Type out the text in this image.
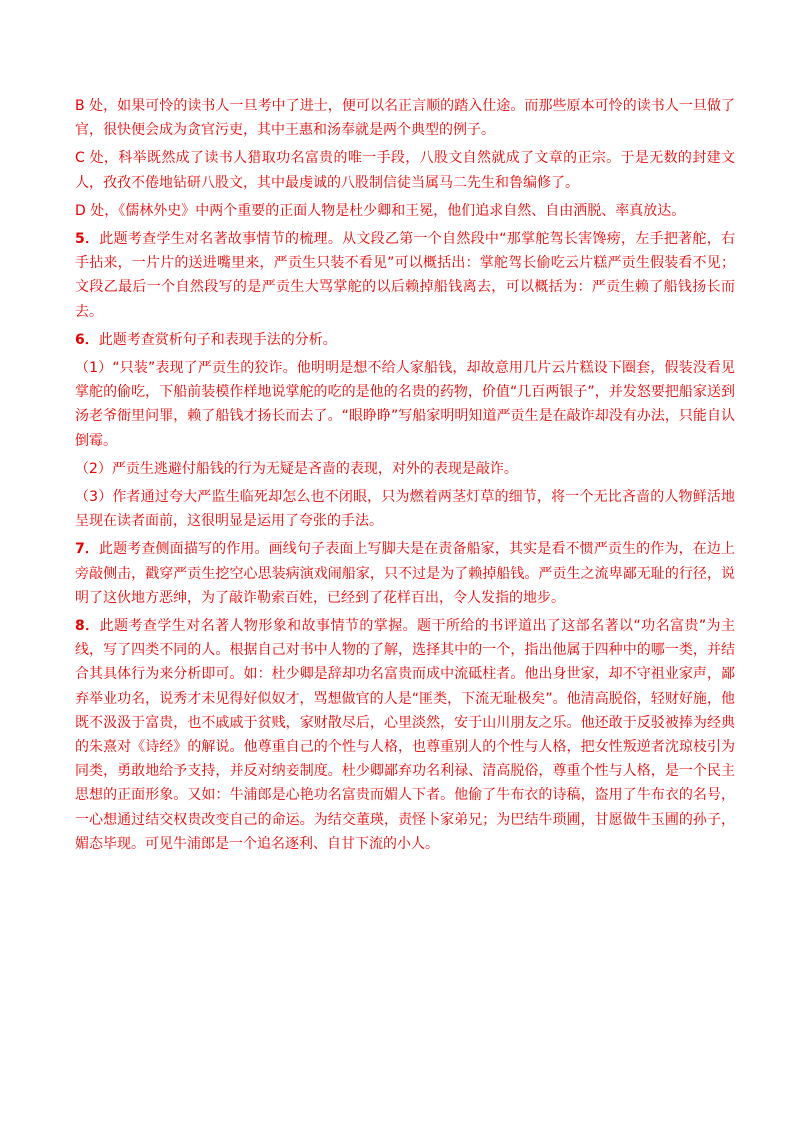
B 处，如果可怜的读书人一旦考中了进士，便可以名正言顺的踏入仕途。而那些原本可怜的读书人一旦做了官，很快便会成为贪官污吏，其中王惠和汤奉就是两个典型的例子。

C 处，科举既然成了读书人猎取功名富贵的唯一手段，八股文自然就成了文章的正宗。于是无数的封建文人，孜孜不倦地钻研八股文，其中最虔诚的八股制信徒当属马二先生和鲁编修了。

D 处，《儒林外史》中两个重要的正面人物是杜少卿和王冕，他们追求自然、自由洒脱、率真放达。

5．此题考查学生对名著故事情节的梳理。从文段乙第一个自然段中“那掌舵驾长害馋痨，左手把著舵，右手拈来，一片片的送进嘴里来，严贡生只装不看见”可以概括出：掌舵驾长偷吃云片糕严贡生假装看不见；文段乙最后一个自然段写的是严贡生大骂掌舵的以后赖掉船钱离去，可以概括为：严贡生赖了船钱扬长而去。

6．此题考查赏析句子和表现手法的分析。

（1）“只装”表现了严贡生的狡诈。他明明是想不给人家船钱，却故意用几片云片糕设下圈套，假装没看见掌舵的偷吃，下船前装模作样地说掌舵的吃的是他的名贵的药物，价值“几百两银子”，并发怒要把船家送到汤老爷衙里问罪，赖了船钱才扬长而去了。“眼睁睁”写船家明明知道严贡生是在敲诈却没有办法，只能自认倒霉。

（2）严贡生逃避付船钱的行为无疑是吝啬的表现，对外的表现是敲诈。

（3）作者通过夸大严监生临死却怎么也不闭眼，只为燃着两茎灯草的细节，将一个无比吝啬的人物鲜活地呈现在读者面前，这很明显是运用了夸张的手法。

7．此题考查侧面描写的作用。画线句子表面上写脚夫是在责备船家，其实是看不惯严贡生的作为，在边上旁敲侧击，戳穿严贡生挖空心思装病演戏闹船家，只不过是为了赖掉船钱。严贡生之流卑鄙无耻的行径，说明了这伙地方恶绅，为了敲诈勒索百姓，已经到了花样百出，令人发指的地步。

8．此题考查学生对名著人物形象和故事情节的掌握。题干所给的书评道出了这部名著以“功名富贵”为主线，写了四类不同的人。根据自己对书中人物的了解，选择其中的一个，指出他属于四种中的哪一类，并结合其具体行为来分析即可。如：杜少卿是辞却功名富贵而成中流砥柱者。他出身世家，却不守祖业家声，鄙弃举业功名，说秀才未见得好似奴才，骂想做官的人是“匪类，下流无耻极矣”。他清高脱俗，轻财好施，他既不汲汲于富贵，也不戚戚于贫贱，家财散尽后，心里淡然，安于山川朋友之乐。他还敢于反驳被捧为经典的朱熹对《诗经》的解说。他尊重自己的个性与人格，也尊重别人的个性与人格，把女性叛逆者沈琼枝引为同类，勇敢地给予支持，并反对纳妾制度。杜少卿鄙弃功名利禄、清高脱俗，尊重个性与人格，是一个民主思想的正面形象。又如：牛浦郎是心艳功名富贵而媚人下者。他偷了牛布衣的诗稿，盗用了牛布衣的名号，一心想通过结交权贵改变自己的命运。为结交董瑛，责怪卜家弟兄；为巴结牛琐圃，甘愿做牛玉圃的孙子，媚态毕现。可见牛浦郎是一个追名逐利、自甘下流的小人。
